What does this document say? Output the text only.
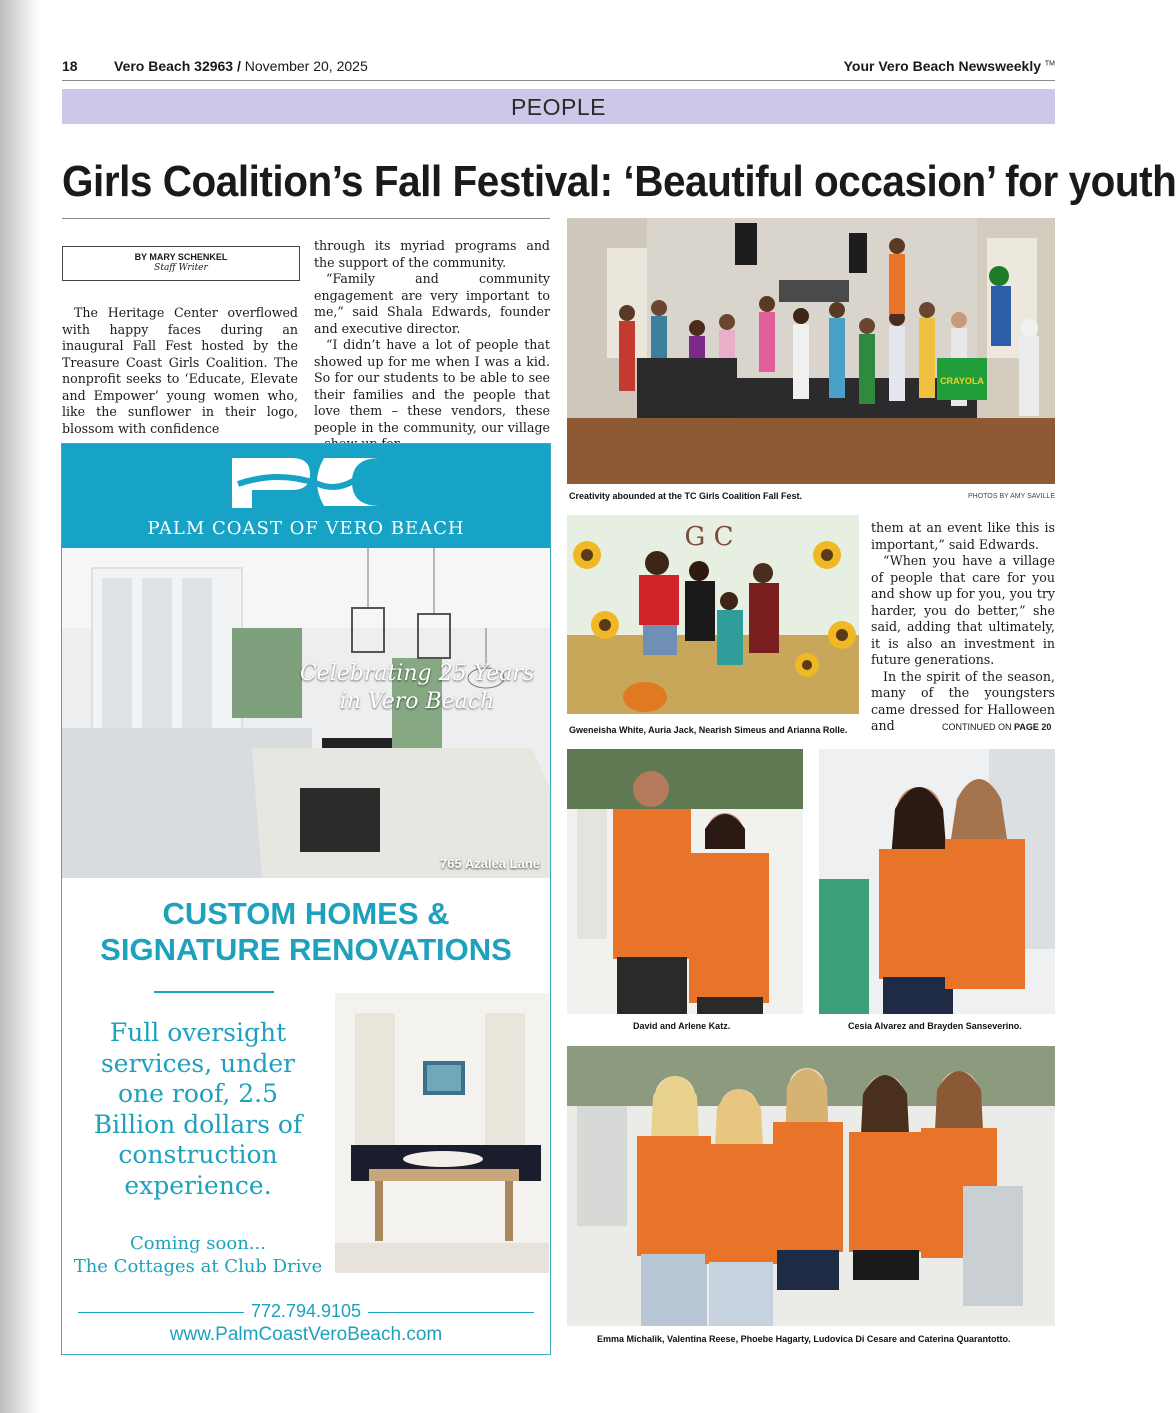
18	Vero Beach 32963 / November 20, 2025	Your Vero Beach Newsweekly ™
PEOPLE
Girls Coalition’s Fall Festival: ‘Beautiful occasion’ for youth
BY MARY SCHENKEL
Staff Writer

The Heritage Center overflowed with happy faces during an inaugural Fall Fest hosted by the Treasure Coast Girls Coalition. The nonprofit seeks to ‘Educate, Elevate and Empower’ young women who, like the sunflower in their logo, blossom with confidence

through its myriad programs and the support of the community.

“Family and community engagement are very important to me,” said Shala Edwards, founder and executive director.

“I didn’t have a lot of people that showed up for me when I was a kid. So for our students to be able to see their families and the people that love them – these vendors, these people in the community, our village

them at an event like this is important,” said Edwards.

“When you have a village of people that care for you and show up for you, you try harder, you do better,” she said, adding that ultimately, it is also an investment in future generations.

In the spirit of the season, many of the youngsters came dressed for Halloween and	CONTINUED ON PAGE 20
CRAYOLA
Creativity abounded at the TC Girls Coalition Fall Fest.	PHOTOS BY AMY SAVILLE
G C
Gweneisha White, Auria Jack, Nearish Simeus and Arianna Rolle.
David and Arlene Katz.	Cesia Alvarez and Brayden Sanseverino.
Emma Michalik, Valentina Reese, Phoebe Hagarty, Ludovica Di Cesare and Caterina Quarantotto.
PC
PALM COAST OF VERO BEACH
Celebrating 25 Years
in Vero Beach
765 Azalea Lane
CUSTOM HOMES &
SIGNATURE RENOVATIONS
Full oversight
services, under
one roof, 2.5
Billion dollars of
construction
experience.
Coming soon...
The Cottages at Club Drive
772.794.9105
www.PalmCoastVeroBeach.com
